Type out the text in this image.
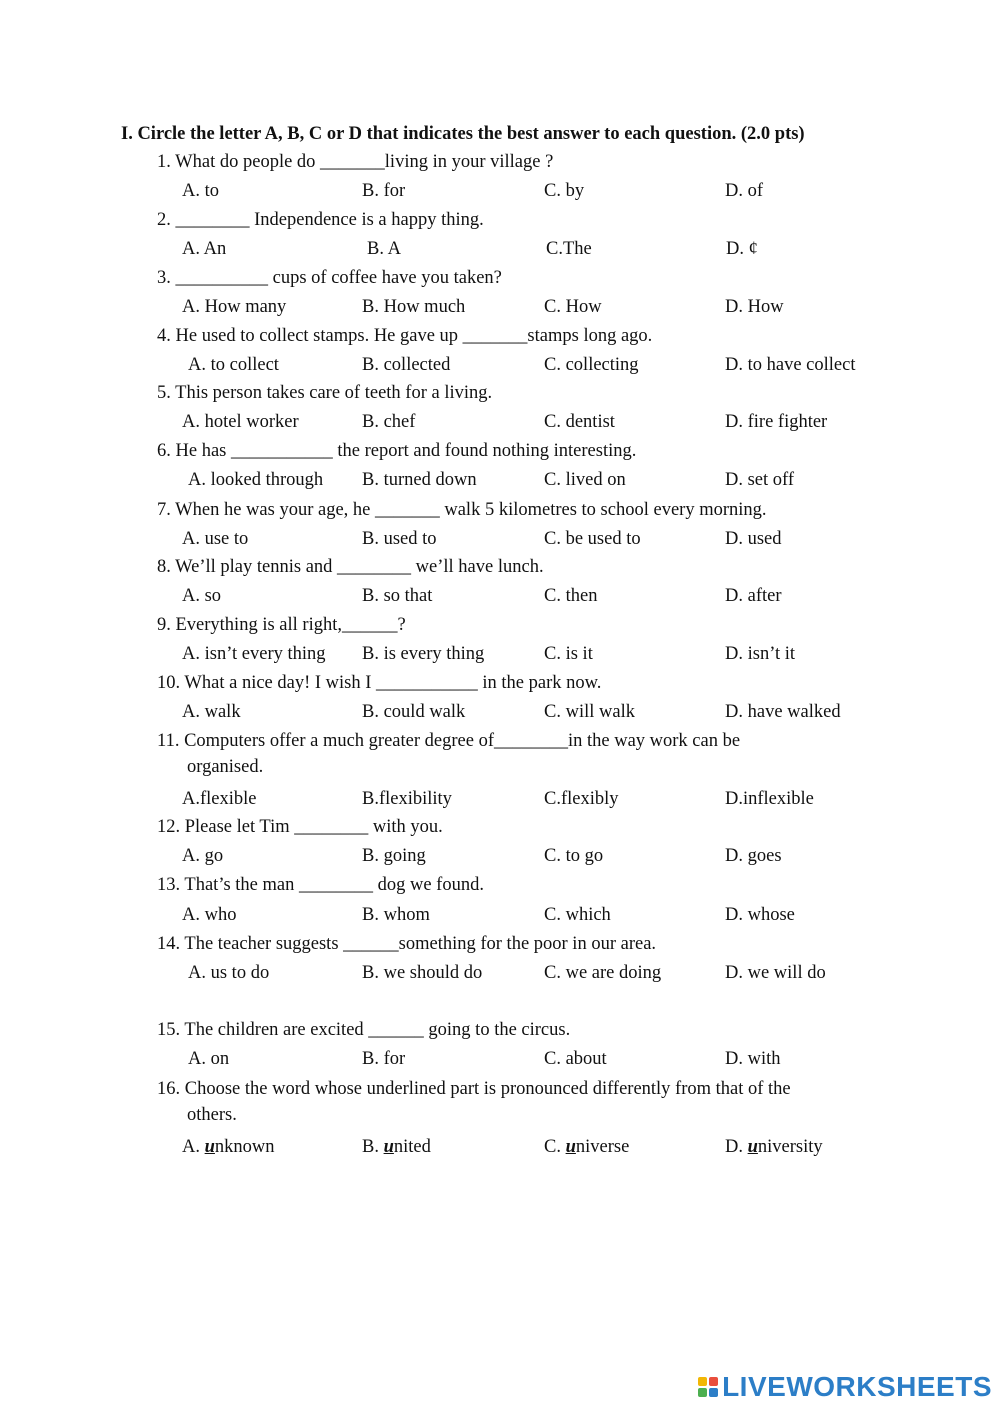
I. Circle the letter A, B, C or D that indicates the best answer to each question. (2.0 pts)
1. What do people do _______living in your village ?
A. to	B. for	C. by	D. of
2. ________ Independence is a happy thing.
A. An	B. A	C.The	D. ¢
3. __________ cups of coffee have you taken?
A. How many	B. How much	C. How	D. How
4. He used to collect stamps. He gave up _______stamps long ago.
A. to collect	B. collected	C. collecting	D. to have collect
5. This person takes care of teeth for a living.
A. hotel worker	B. chef	C. dentist	D. fire fighter
6. He has ___________ the report and found nothing interesting.
A. looked through B. turned down	C. lived on	D. set off
7. When he was your age, he _______ walk 5 kilometres to school every morning.
A. use to	B. used to	C. be used to	D. used
8. We’ll play tennis and ________ we’ll have lunch.
A. so	B. so that	C. then	D. after
9. Everything is all right,______?
A. isn’t every thing B. is every thing	C. is it	D. isn’t it
10. What a nice day! I wish I ___________ in the park now.
A. walk	B. could walk	C. will walk	D. have walked
11. Computers offer a much greater degree of________in the way work can be
organised.
A.flexible	B.flexibility	C.flexibly	D.inflexible
12. Please let Tim ________ with you.
A. go	B. going	C. to go	D. goes
13. That’s the man ________ dog we found.
A. who	B. whom	C. which	D. whose
14. The teacher suggests ______something for the poor in our area.
A. us to do	B. we should do	C. we are doing	D. we will do
15. The children are excited ______ going to the circus.
A. on	B. for	C. about	D. with
16. Choose the word whose underlined part is pronounced differently from that of the
others.
A. unknown	B. united	C. universe	D. university
LIVEWORKSHEETS
